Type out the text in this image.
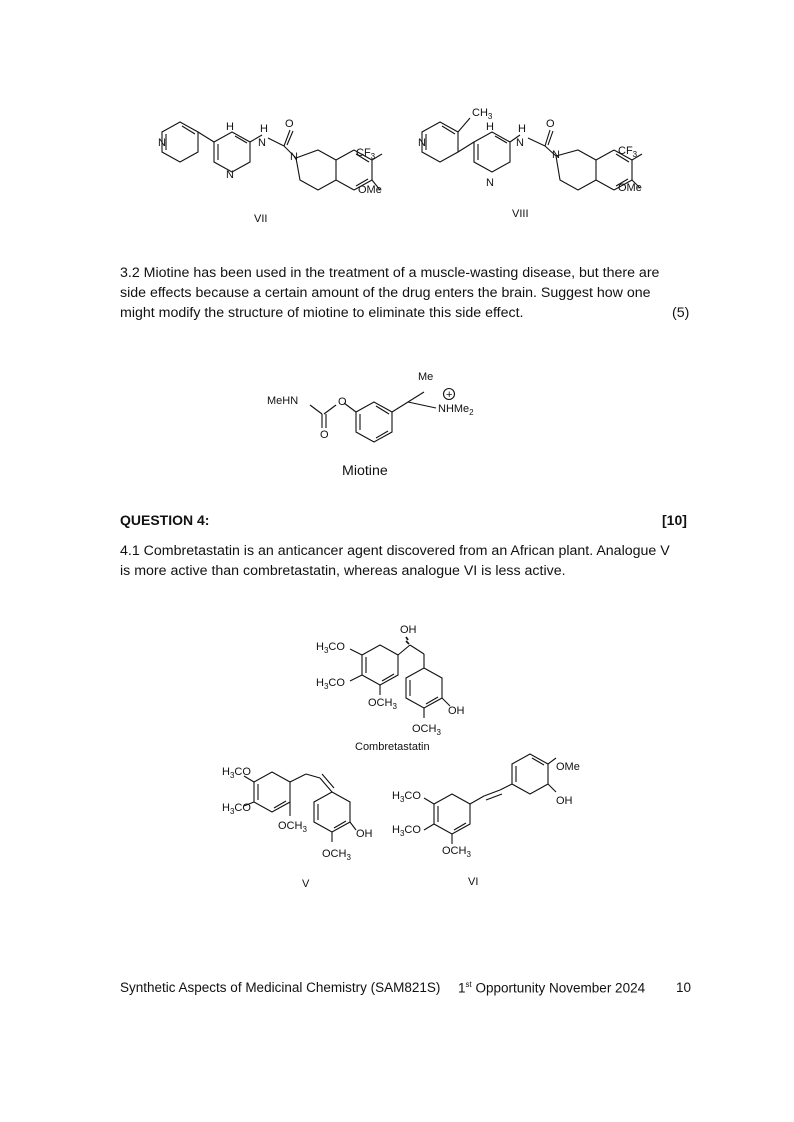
N
N
H H
N
O
N	$CF_3$
OMe
VII
N
N
H H
N
O
N
$CH_3$
$CF_3$
OMe
VIII
3.2 Miotine has been used in the treatment of a muscle-wasting disease, but there are side effects because a certain amount of the drug enters the brain. Suggest how one might modify the structure of miotine to eliminate this side effect.	(5)
MeHN	O
O
Me
+
NHMe$_2$
Miotine
QUESTION 4:	[10]
4.1 Combretastatin is an anticancer agent discovered from an African plant. Analogue V is more active than combretastatin, whereas analogue VI is less active.
$H_3CO$
$H_3CO$
$OCH_3$
OH
OH
$OCH_3$
Combretastatin
$H_3CO$
$H_3CO$
$OCH_3$	OH
$OCH_3$
V
$H_3CO$
$H_3CO$
$OCH_3$
OMe
OH
VI
Synthetic Aspects of Medicinal Chemistry (SAM821S) 1st Opportunity November 2024 10
